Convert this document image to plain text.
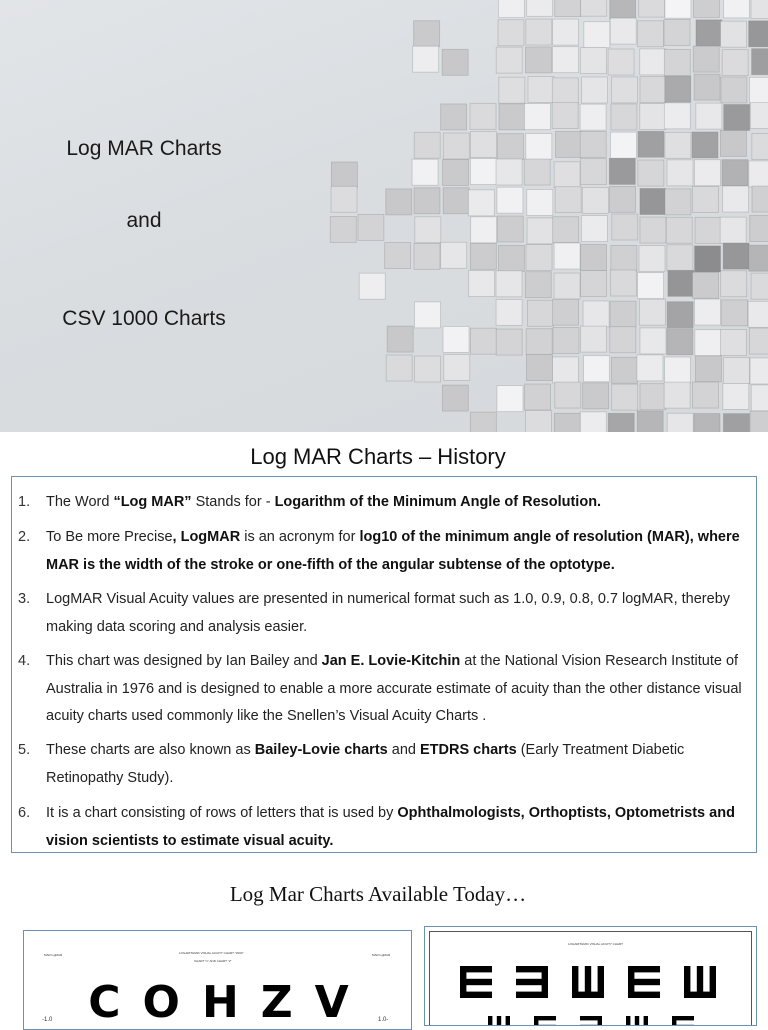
Log MAR Charts
and
CSV 1000 Charts
Log MAR Charts – History
1.	The Word “Log MAR” Stands for - Logarithm of the Minimum Angle of Resolution.
2.	To Be more Precise, LogMAR is an acronym for log10 of the minimum angle of resolution (MAR), where MAR is the width of the stroke or one-fifth of the angular subtense of the optotype.
3.	LogMAR Visual Acuity values are presented in numerical format such as 1.0, 0.9, 0.8, 0.7 logMAR, thereby making data scoring and analysis easier.
4.	This chart was designed by Ian Bailey and Jan E. Lovie-Kitchin at the National Vision Research Institute of Australia in 1976 and is designed to enable a more accurate estimate of acuity than the other distance visual acuity charts used commonly like the Snellen’s Visual Acuity Charts .
5.	These charts are also known as Bailey-Lovie charts and ETDRS charts (Early Treatment Diabetic Retinopathy Study).
6.	It is a chart consisting of rows of letters that is used by Ophthalmologists, Orthoptists, Optometrists and vision scientists to estimate visual acuity.
Log Mar Charts Available Today…
LOGARITHMIC VISUAL ACUITY CHART "2000"
CHART "1" AND CHART "2"
MAR logMAR	MAR logMAR
-1.0	1.0-
COHZV
LOGARITHMIC VISUAL ACUITY CHART
